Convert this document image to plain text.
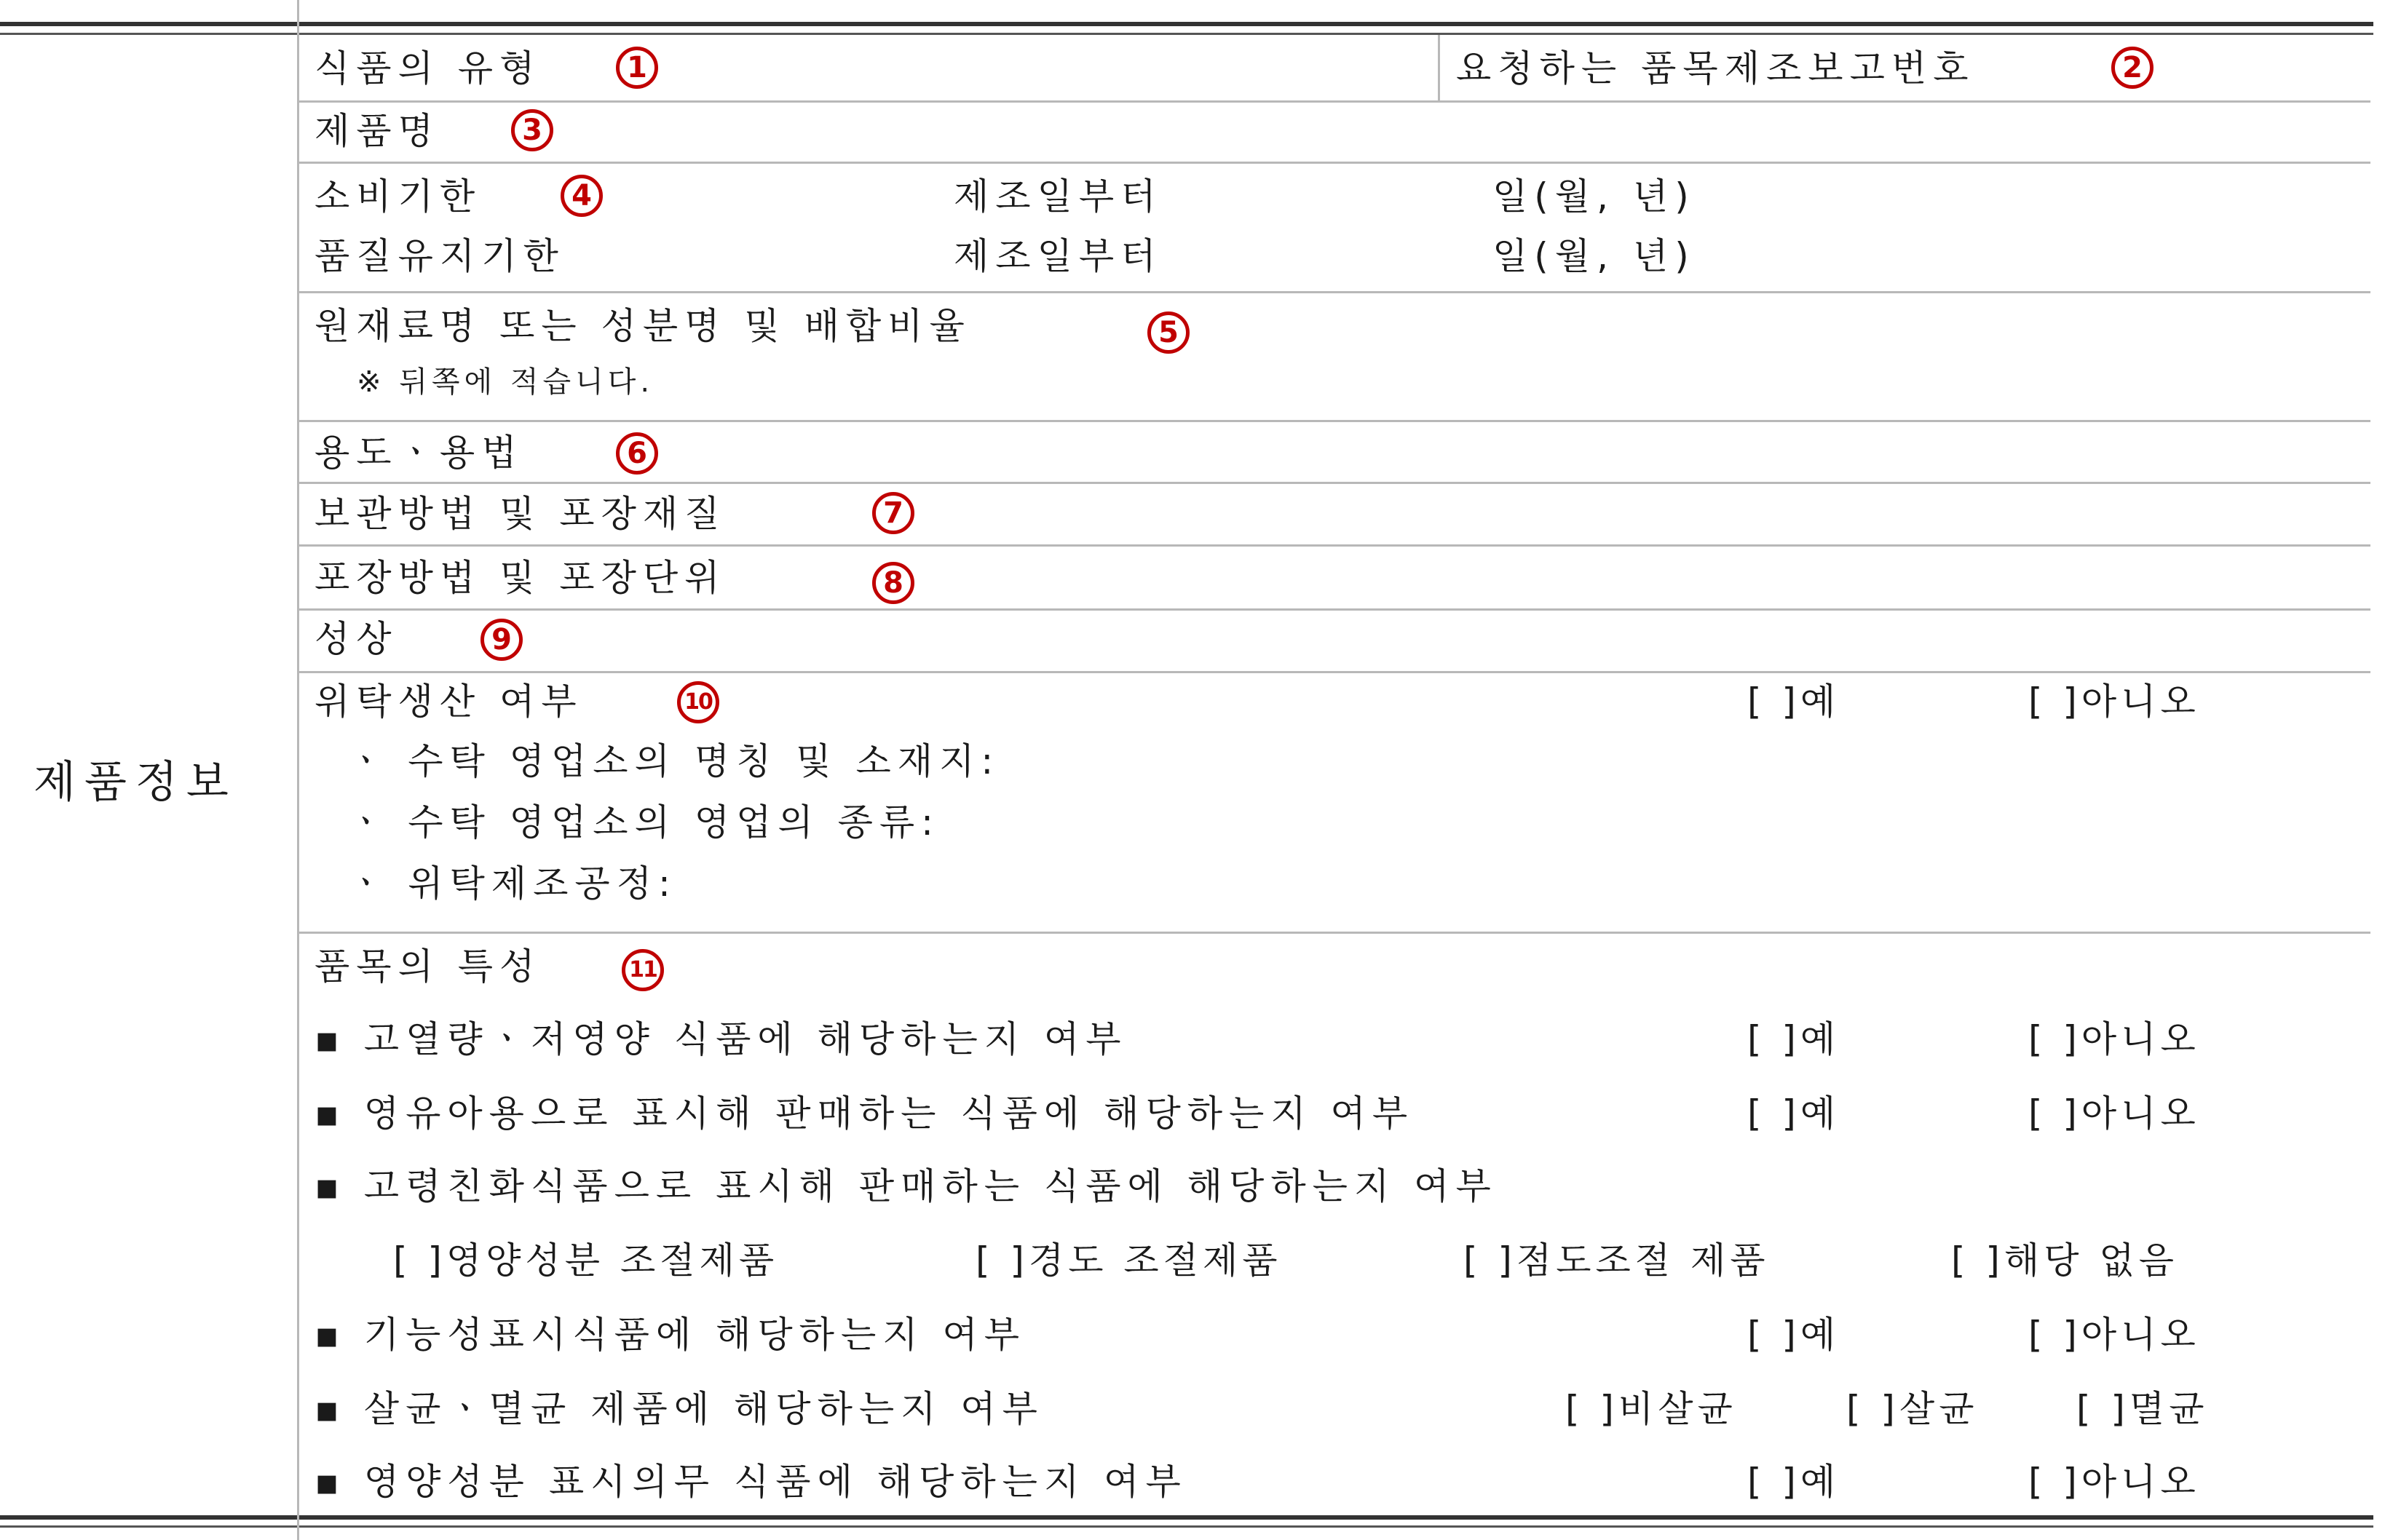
제품정보
식품의 유형	1	요청하는 품목제조보고번호	2
제품명	3
소비기한	4	제조일부터	일(월, 년)
품질유지기한	제조일부터	일(월, 년)
원재료명 또는 성분명 및 배합비율	5
※ 뒤쪽에 적습니다.
용도ㆍ용법	6
보관방법 및 포장재질	7
포장방법 및 포장단위	8
성상	9
위탁생산 여부	10	[ ]예	[ ]아니오
ㆍ 수탁 영업소의 명칭 및 소재지:
ㆍ 수탁 영업소의 영업의 종류:
ㆍ 위탁제조공정:
품목의 특성	11
▪ 고열량ㆍ저영양 식품에 해당하는지 여부	[ ]예	[ ]아니오
▪ 영유아용으로 표시해 판매하는 식품에 해당하는지 여부	[ ]예	[ ]아니오
▪ 고령친화식품으로 표시해 판매하는 식품에 해당하는지 여부
[ ]영양성분 조절제품	[ ]경도 조절제품	[ ]점도조절 제품	[ ]해당 없음
▪ 기능성표시식품에 해당하는지 여부	[ ]예	[ ]아니오
▪ 살균ㆍ멸균 제품에 해당하는지 여부	[ ]비살균	[ ]살균	[ ]멸균
▪ 영양성분 표시의무 식품에 해당하는지 여부	[ ]예	[ ]아니오
